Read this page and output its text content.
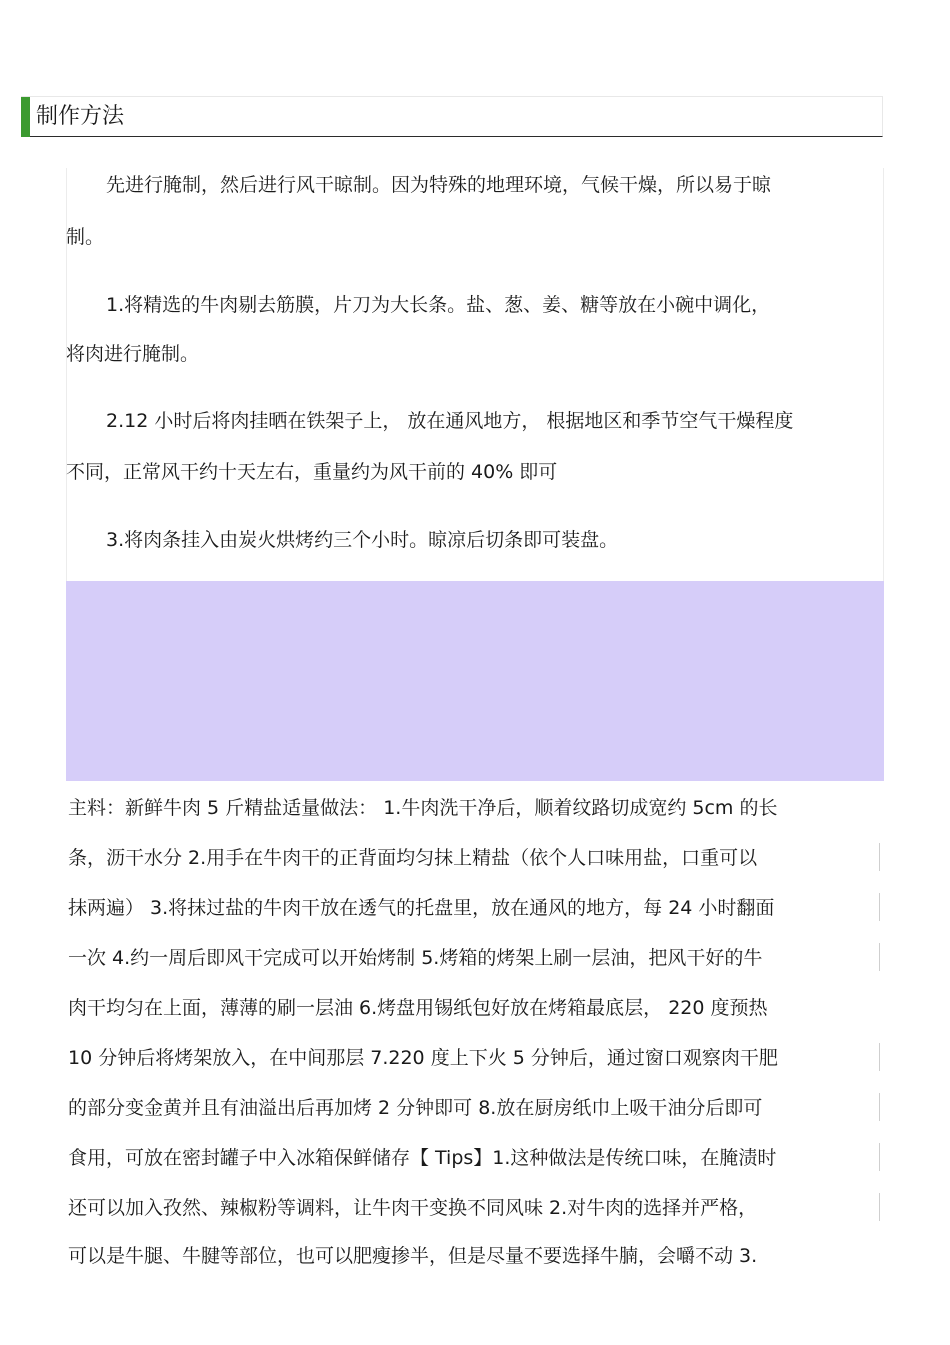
制作方法
先进行腌制，然后进行风干晾制。因为特殊的地理环境，气候干燥，所以易于晾
制。
1.将精选的牛肉剔去筋膜，片刀为大长条。盐、葱、姜、糖等放在小碗中调化，
将肉进行腌制。
2.12 小时后将肉挂晒在铁架子上， 放在通风地方， 根据地区和季节空气干燥程度
不同，正常风干约十天左右，重量约为风干前的 40% 即可
3.将肉条挂入由炭火烘烤约三个小时。晾凉后切条即可装盘。
主料：新鲜牛肉 5 斤精盐适量做法： 1.牛肉洗干净后，顺着纹路切成宽约 5cm 的长
条，沥干水分 2.用手在牛肉干的正背面均匀抹上精盐（依个人口味用盐，口重可以
抹两遍） 3.将抹过盐的牛肉干放在透气的托盘里，放在通风的地方，每 24 小时翻面
一次 4.约一周后即风干完成可以开始烤制 5.烤箱的烤架上刷一层油，把风干好的牛
肉干均匀在上面，薄薄的刷一层油 6.烤盘用锡纸包好放在烤箱最底层， 220 度预热
10 分钟后将烤架放入，在中间那层 7.220 度上下火 5 分钟后，通过窗口观察肉干肥
的部分变金黄并且有油溢出后再加烤 2 分钟即可 8.放在厨房纸巾上吸干油分后即可
食用，可放在密封罐子中入冰箱保鲜储存【 Tips】1.这种做法是传统口味，在腌渍时
还可以加入孜然、辣椒粉等调料，让牛肉干变换不同风味 2.对牛肉的选择并严格，
可以是牛腿、牛腱等部位，也可以肥瘦掺半，但是尽量不要选择牛腩，会嚼不动 3.
